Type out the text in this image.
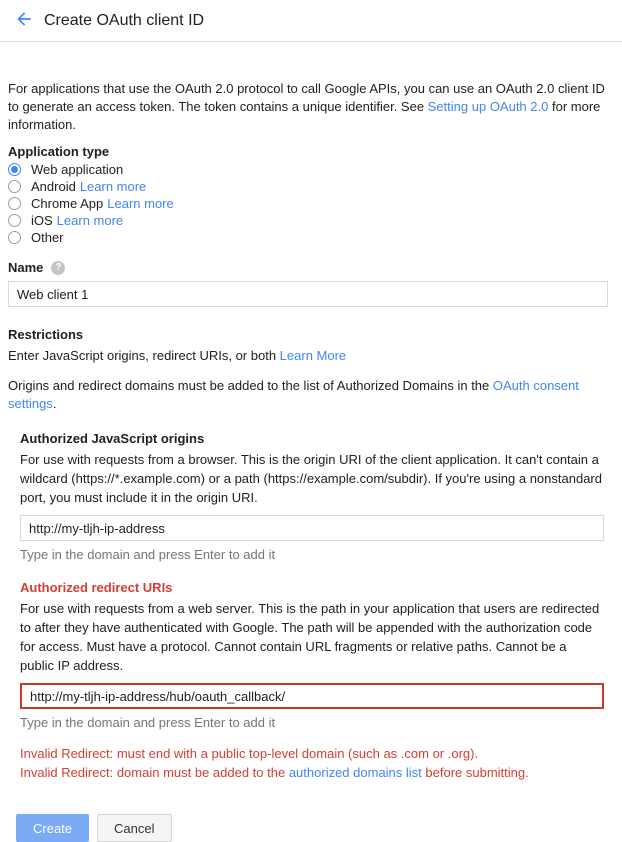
Create OAuth client ID

For applications that use the OAuth 2.0 protocol to call Google APIs, you can use an OAuth 2.0 client ID to generate an access token. The token contains a unique identifier. See Setting up OAuth 2.0 for more information.

Application type
Web application
Android Learn more
Chrome App Learn more
iOS Learn more
Other
Name	?
Web client 1
Restrictions

Enter JavaScript origins, redirect URIs, or both Learn More

Origins and redirect domains must be added to the list of Authorized Domains in the OAuth consent settings.

Authorized JavaScript origins

For use with requests from a browser. This is the origin URI of the client application. It can't contain a wildcard (https://*.example.com) or a path (https://example.com/subdir). If you're using a nonstandard port, you must include it in the origin URI.

http://my-tljh-ip-address
Type in the domain and press Enter to add it
Authorized redirect URIs

For use with requests from a web server. This is the path in your application that users are redirected to after they have authenticated with Google. The path will be appended with the authorization code for access. Must have a protocol. Cannot contain URL fragments or relative paths. Cannot be a public IP address.

http://my-tljh-ip-address/hub/oauth_callback/
Type in the domain and press Enter to add it
Invalid Redirect: must end with a public top-level domain (such as .com or .org).
Invalid Redirect: domain must be added to the authorized domains list before submitting.
Create	Cancel
